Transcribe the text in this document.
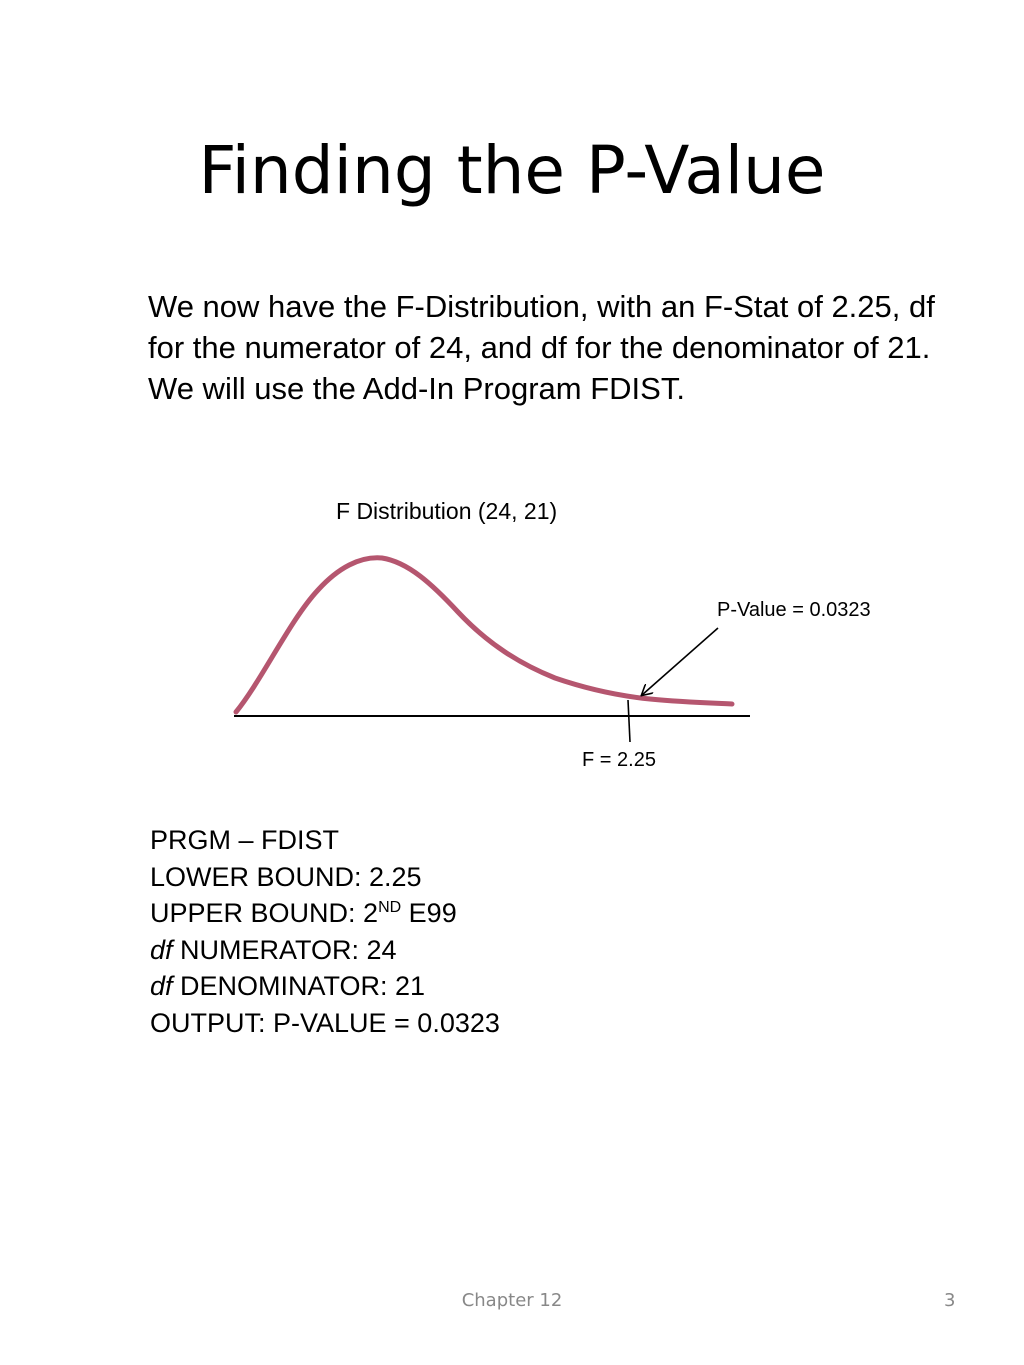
Finding the P-Value
We now have the F-Distribution, with an F-Stat of 2.25, df for the numerator of 24, and df for the denominator of 21. We will use the Add-In Program FDIST.
F Distribution (24, 21)
P-Value = 0.0323
F = 2.25
PRGM – FDIST
LOWER BOUND: 2.25
UPPER BOUND: 2ND E99
df NUMERATOR: 24
df DENOMINATOR: 21
OUTPUT: P-VALUE = 0.0323
Chapter 12	3
